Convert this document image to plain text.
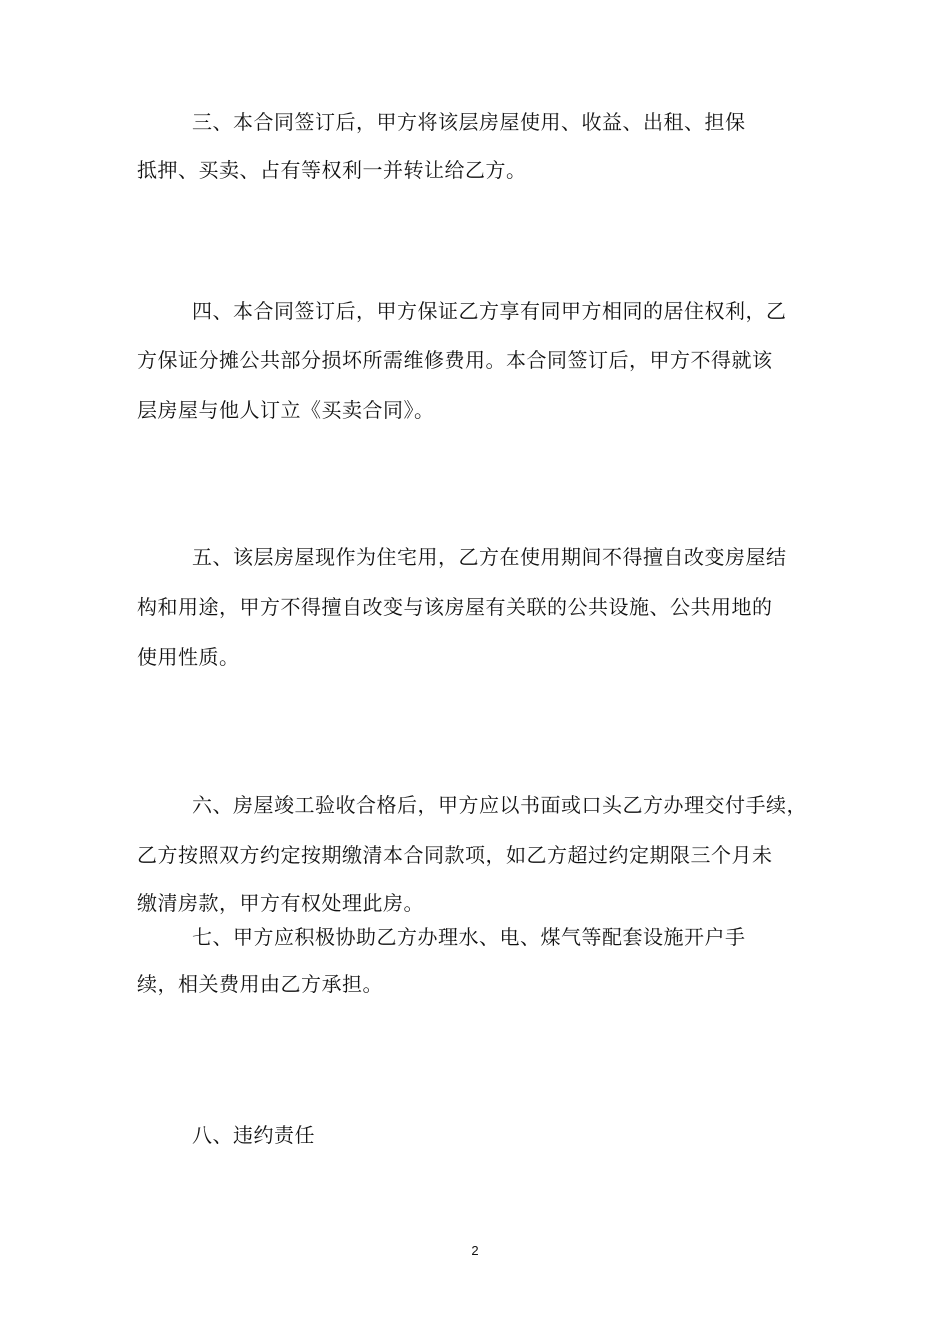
三、本合同签订后，甲方将该层房屋使用、收益、出租、担保
抵押、买卖、占有等权利一并转让给乙方。
四、本合同签订后，甲方保证乙方享有同甲方相同的居住权利，乙
方保证分摊公共部分损坏所需维修费用。本合同签订后，甲方不得就该
层房屋与他人订立《买卖合同》。
五、该层房屋现作为住宅用，乙方在使用期间不得擅自改变房屋结
构和用途，甲方不得擅自改变与该房屋有关联的公共设施、公共用地的
使用性质。
六、房屋竣工验收合格后，甲方应以书面或口头乙方办理交付手续，
乙方按照双方约定按期缴清本合同款项，如乙方超过约定期限三个月未
缴清房款，甲方有权处理此房。
七、甲方应积极协助乙方办理水、电、煤气等配套设施开户手
续，相关费用由乙方承担。
八、违约责任
2
